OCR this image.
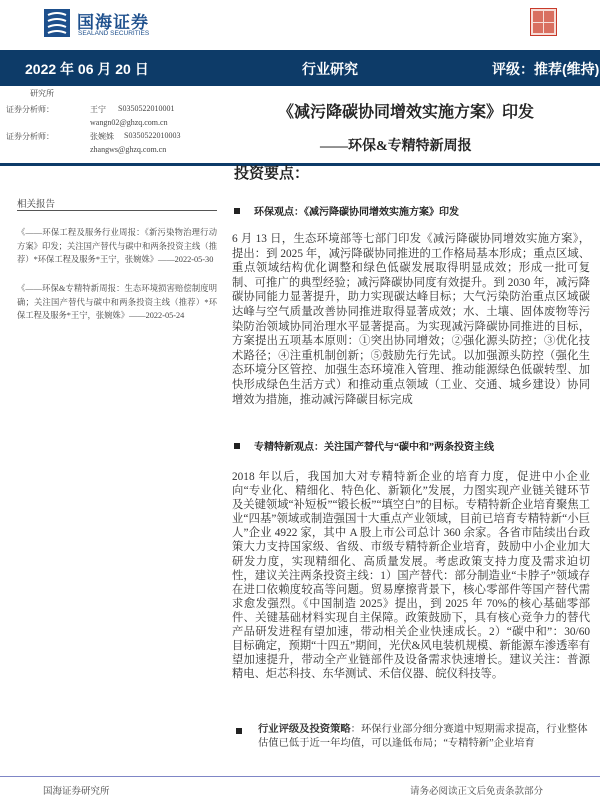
国海证券
SEALAND SECURITIES
2022 年 06 月 20 日	行业研究	评级：推荐(维持)
研究所
证券分析师：	王宁 S0350522010001
wangn02@ghzq.com.cn
证券分析师：	张婉姝 S0350522010003
zhangws@ghzq.com.cn
《减污降碳协同增效实施方案》印发
——环保&专精特新周报
相关报告
《——环保工程及服务行业周报：《新污染物治理行动方案》印发；关注国产替代与碳中和两条投资主线（推荐）*环保工程及服务*王宁，张婉姝》——2022-05-30
《——环保&专精特新周报：生态环境损害赔偿制度明确；关注国产替代与碳中和两条投资主线（推荐）*环保工程及服务*王宁，张婉姝》——2022-05-24
投资要点：
环保观点：《减污降碳协同增效实施方案》印发
6 月 13 日，生态环境部等七部门印发《减污降碳协同增效实施方案》，提出：到 2025 年，减污降碳协同推进的工作格局基本形成；重点区域、重点领域结构优化调整和绿色低碳发展取得明显成效；形成一批可复制、可推广的典型经验；减污降碳协同度有效提升。到 2030 年，减污降碳协同能力显著提升，助力实现碳达峰目标；大气污染防治重点区域碳达峰与空气质量改善协同推进取得显著成效；水、土壤、固体废物等污染防治领域协同治理水平显著提高。为实现减污降碳协同推进的目标，方案提出五项基本原则：①突出协同增效；②强化源头防控；③优化技术路径；④注重机制创新；⑤鼓励先行先试。以加强源头防控（强化生态环境分区管控、加强生态环境准入管理、推动能源绿色低碳转型、加快形成绿色生活方式）和推动重点领域（工业、交通、城乡建设）协同增效为措施，推动减污降碳目标完成
专精特新观点：关注国产替代与“碳中和”两条投资主线
2018 年以后，我国加大对专精特新企业的培育力度，促进中小企业向“专业化、精细化、特色化、新颖化”发展，力图实现产业链关键环节及关键领域“补短板”“锻长板”“填空白”的目标。专精特新企业培育聚焦工业“四基”领域或制造强国十大重点产业领域，目前已培育专精特新“小巨人”企业 4922 家，其中 A 股上市公司总计 360 余家。各省市陆续出台政策大力支持国家级、省级、市级专精特新企业培育，鼓励中小企业加大研发力度，实现精细化、高质量发展。考虑政策支持力度及需求迫切性，建议关注两条投资主线：1）国产替代：部分制造业“卡脖子”领域存在进口依赖度较高等问题。贸易摩擦背景下，核心零部件等国产替代需求愈发强烈。《中国制造 2025》提出，到 2025 年 70%的核心基础零部件、关键基础材料实现自主保障。政策鼓励下，具有核心竞争力的替代产品研发进程有望加速，带动相关企业快速成长。2）“碳中和”：30/60 目标确定，预期“十四五”期间，光伏&风电装机规模、新能源车渗透率有望加速提升，带动全产业链部件及设备需求快速增长。建议关注：普源精电、炬芯科技、东华测试、禾信仪器、皖仪科技等。
行业评级及投资策略：环保行业部分细分赛道中短期需求提高，行业整体估值已低于近一年均值，可以逢低布局；“专精特新”企业培育
国海证券研究所	请务必阅读正文后免责条款部分
